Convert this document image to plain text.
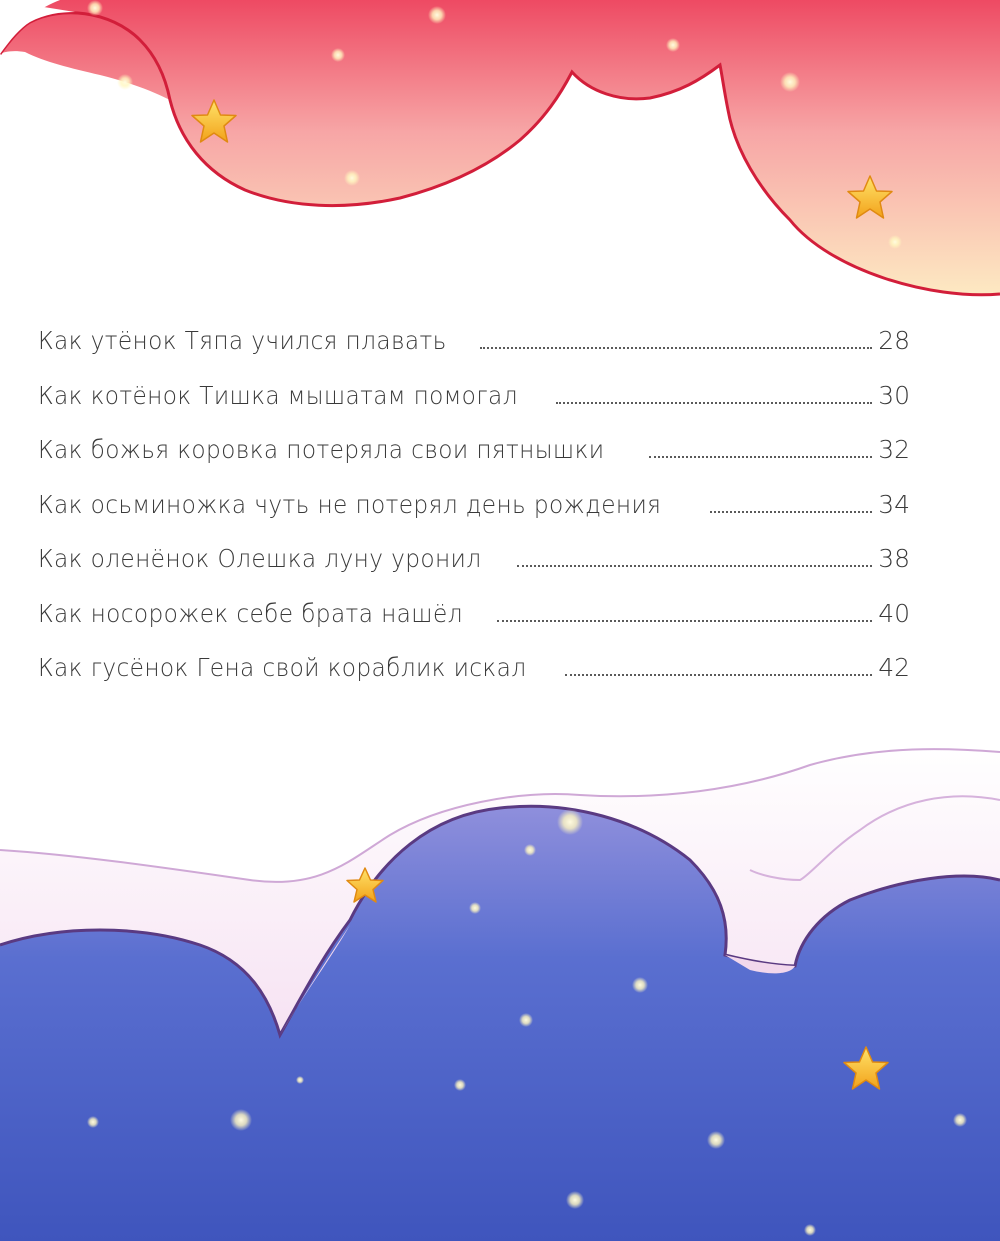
Как утёнок Тяпа учился плавать	28
Как котёнок Тишка мышатам помогал	30
Как божья коровка потеряла свои пятнышки	32
Как осьминожка чуть не потерял день рождения	34
Как оленёнок Олешка луну уронил	38
Как носорожек себе брата нашёл	40
Как гусёнок Гена свой кораблик искал	42
